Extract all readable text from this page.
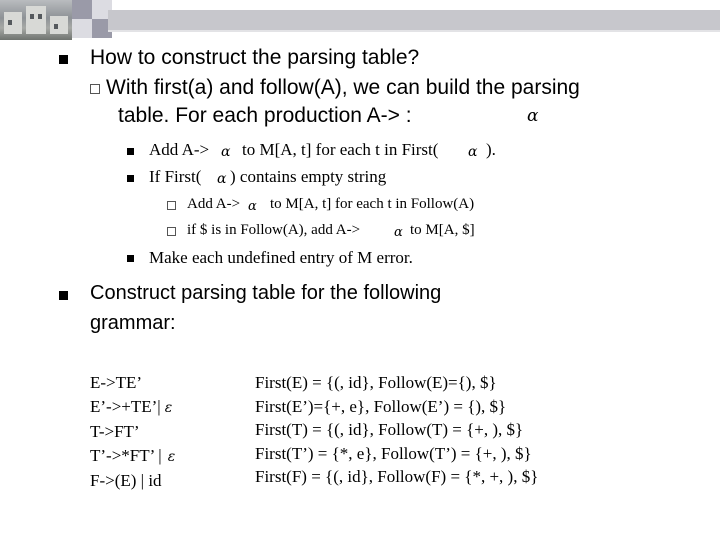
How to construct the parsing table?
With first(a) and follow(A), we can build the parsing
table. For each production A-> :	α
Add A-> α to M[A, t] for each t in First( α ).
If First( α ) contains empty string
Add A-> α to M[A, t] for each t in Follow(A)
if $ is in Follow(A), add A->	α to M[A, $]
Make each undefined entry of M error.
Construct parsing table for the following
grammar:
E->TE’
E’->+TE’| ε
T->FT’
T’->*FT’ | ε
F->(E) | id
First(E) = {(, id}, Follow(E)={), $}
First(E’)={+, e}, Follow(E’) = {), $}
First(T) = {(, id}, Follow(T) = {+, ), $}
First(T’) = {*, e}, Follow(T’) = {+, ), $}
First(F) = {(, id}, Follow(F) = {*, +, ), $}
